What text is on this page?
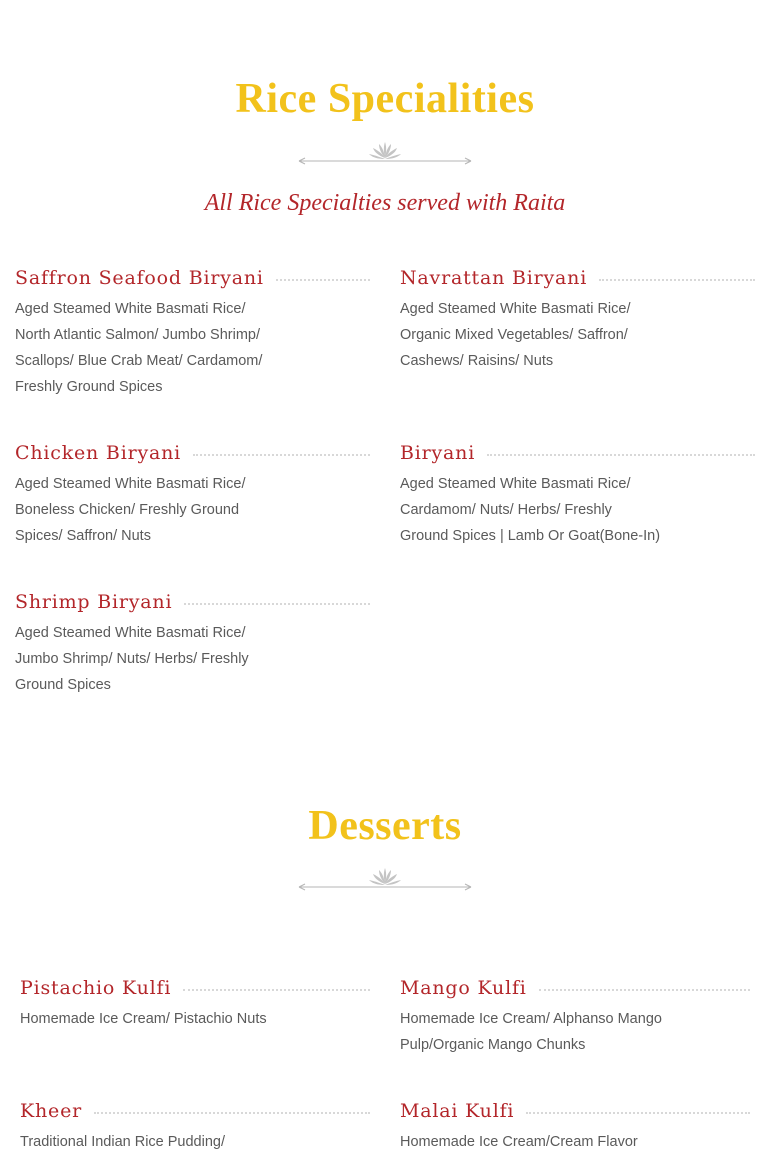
Rice Specialities

All Rice Specialties served with Raita

Saffron Seafood Biryani

Aged Steamed White Basmati Rice/
North Atlantic Salmon/ Jumbo Shrimp/
Scallops/ Blue Crab Meat/ Cardamom/
Freshly Ground Spices

Navrattan Biryani

Aged Steamed White Basmati Rice/
Organic Mixed Vegetables/ Saffron/
Cashews/ Raisins/ Nuts

Chicken Biryani

Aged Steamed White Basmati Rice/
Boneless Chicken/ Freshly Ground
Spices/ Saffron/ Nuts

Biryani

Aged Steamed White Basmati Rice/
Cardamom/ Nuts/ Herbs/ Freshly
Ground Spices | Lamb Or Goat(Bone-In)

Shrimp Biryani

Aged Steamed White Basmati Rice/
Jumbo Shrimp/ Nuts/ Herbs/ Freshly
Ground Spices

Desserts
Pistachio Kulfi

Homemade Ice Cream/ Pistachio Nuts

Mango Kulfi

Homemade Ice Cream/ Alphanso Mango
Pulp/Organic Mango Chunks

Kheer

Traditional Indian Rice Pudding/

Malai Kulfi

Homemade Ice Cream/Cream Flavor
